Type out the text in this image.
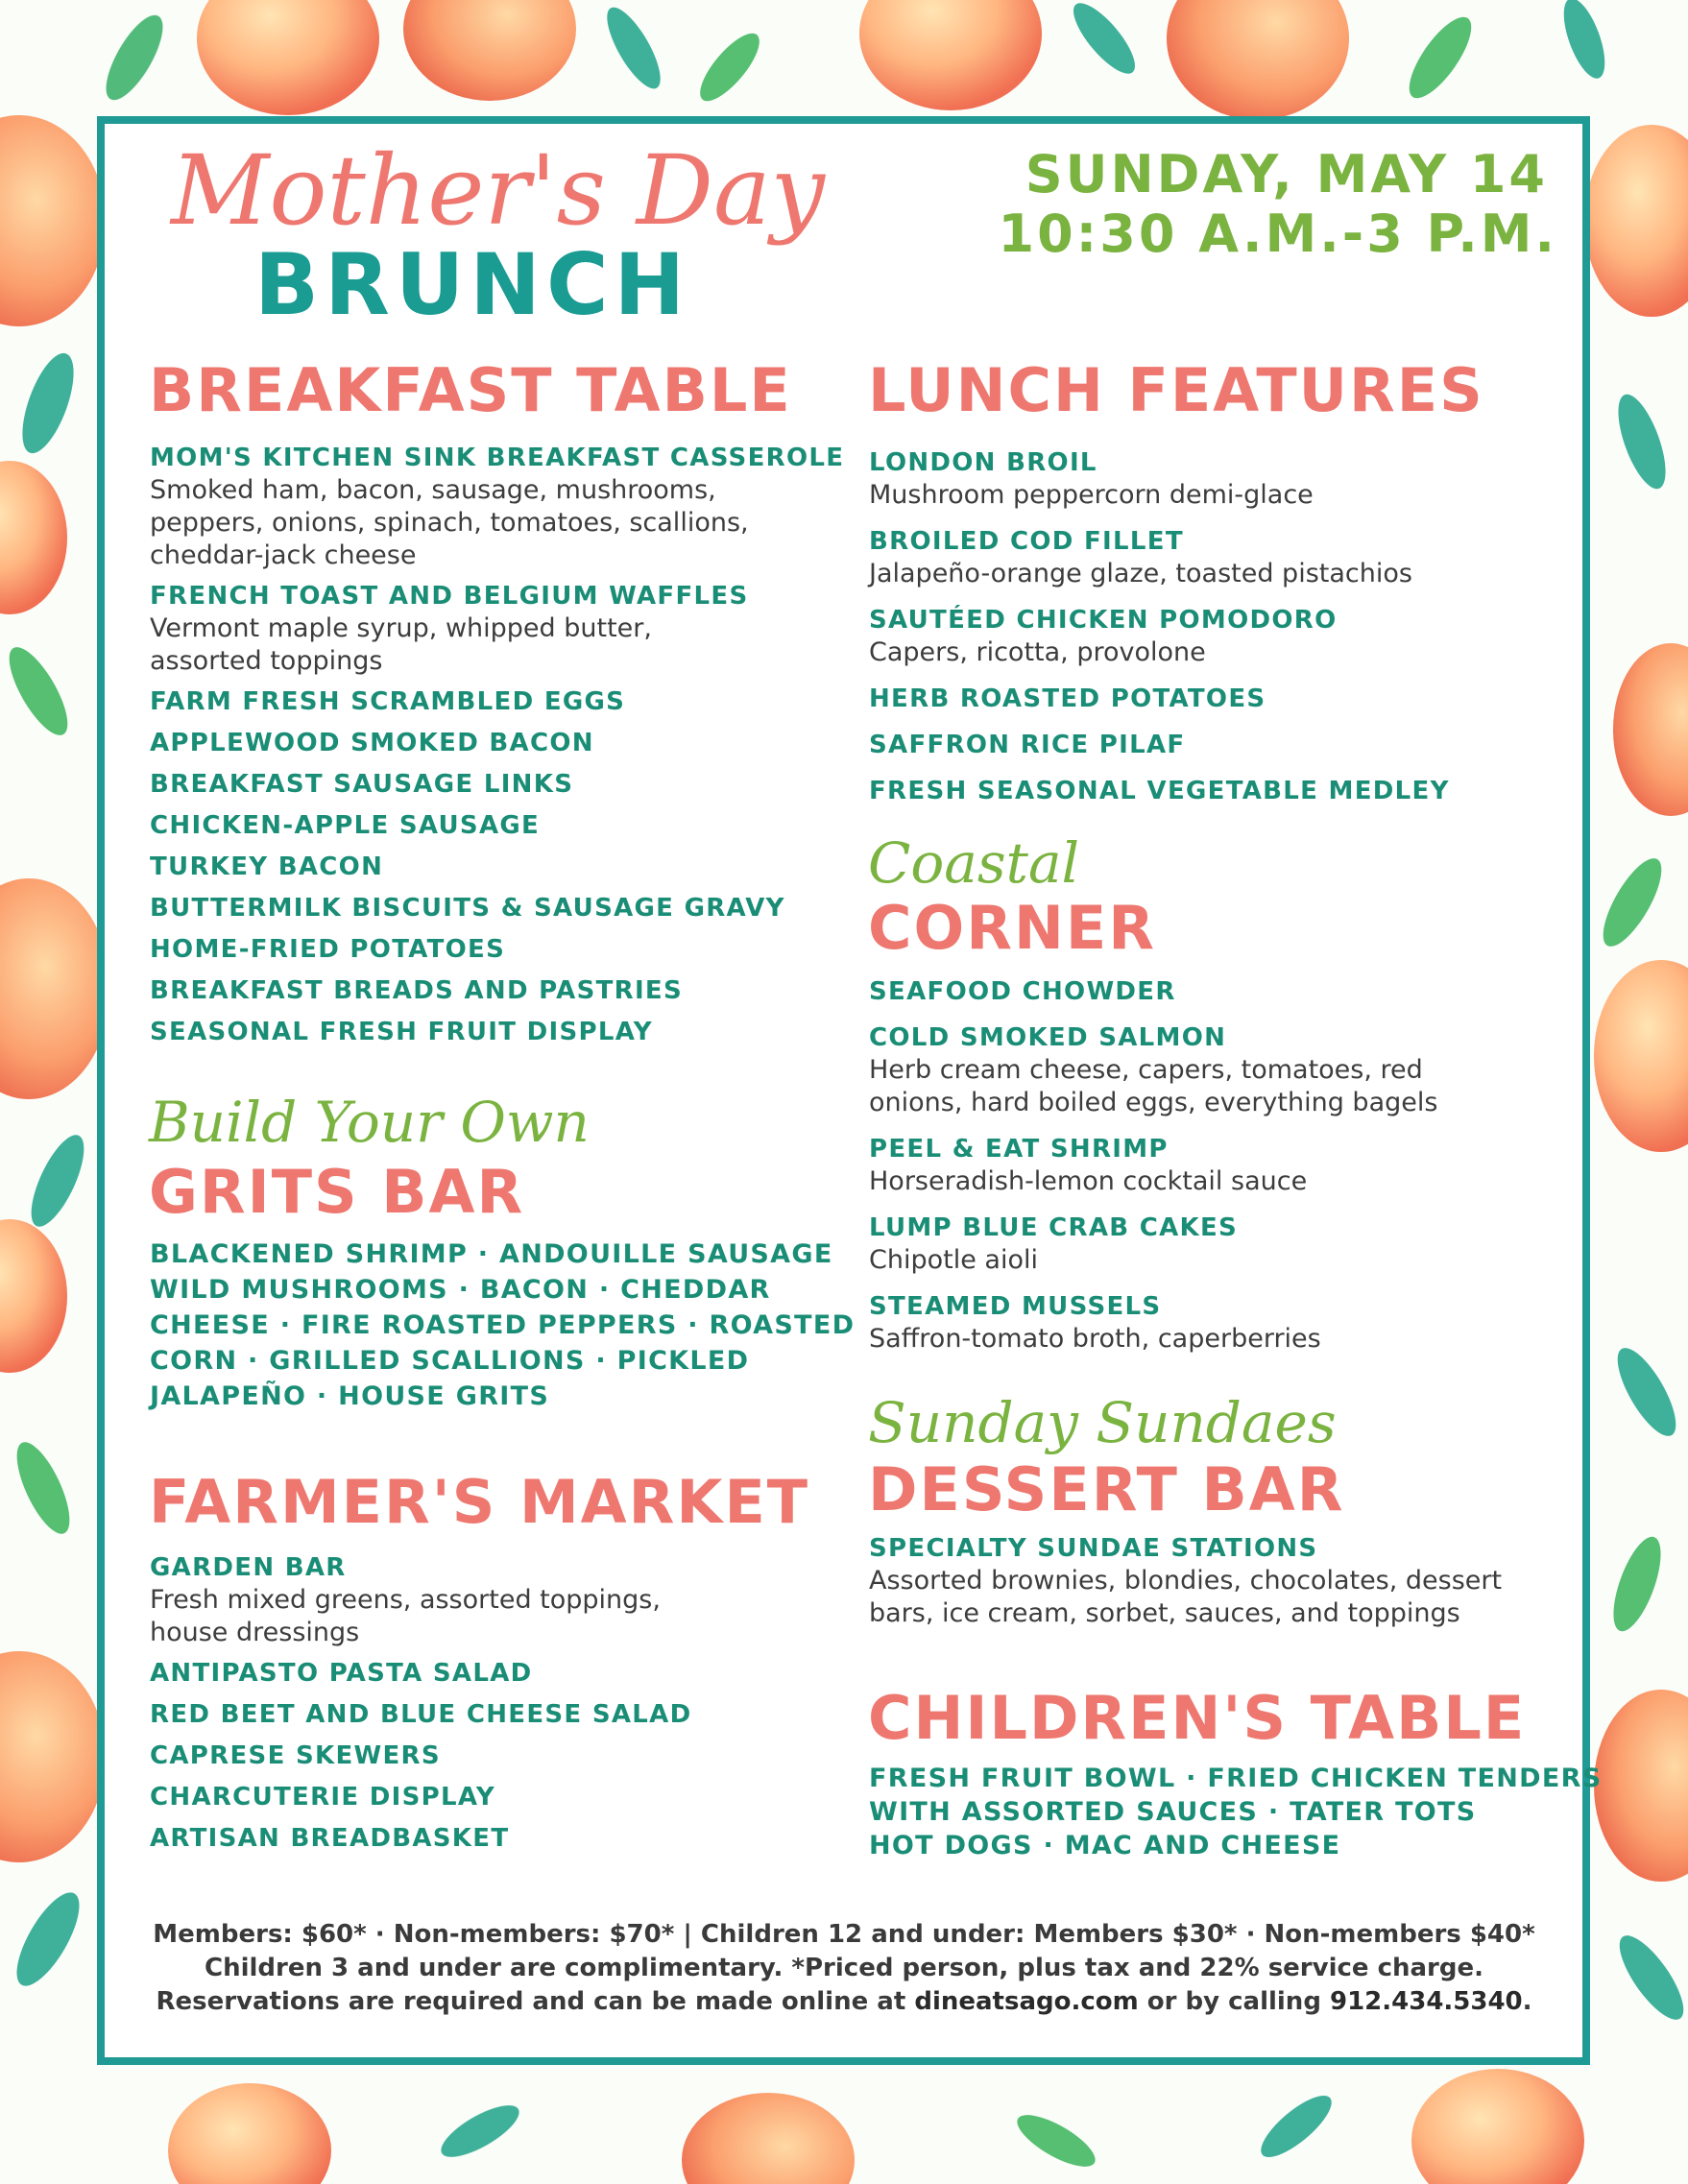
Mother's Day
BRUNCH
SUNDAY, MAY 14
10:30 A.M.-3 P.M.
BREAKFAST TABLE
MOM'S KITCHEN SINK BREAKFAST CASSEROLE
Smoked ham, bacon, sausage, mushrooms,
peppers, onions, spinach, tomatoes, scallions,
cheddar-jack cheese
FRENCH TOAST AND BELGIUM WAFFLES
Vermont maple syrup, whipped butter,
assorted toppings
FARM FRESH SCRAMBLED EGGS
APPLEWOOD SMOKED BACON
BREAKFAST SAUSAGE LINKS
CHICKEN-APPLE SAUSAGE
TURKEY BACON
BUTTERMILK BISCUITS & SAUSAGE GRAVY
HOME-FRIED POTATOES
BREAKFAST BREADS AND PASTRIES
SEASONAL FRESH FRUIT DISPLAY
Build Your Own
GRITS BAR
BLACKENED SHRIMP · ANDOUILLE SAUSAGE
WILD MUSHROOMS · BACON · CHEDDAR
CHEESE · FIRE ROASTED PEPPERS · ROASTED
CORN · GRILLED SCALLIONS · PICKLED
JALAPEÑO · HOUSE GRITS
FARMER'S MARKET
GARDEN BAR
Fresh mixed greens, assorted toppings,
house dressings
ANTIPASTO PASTA SALAD
RED BEET AND BLUE CHEESE SALAD
CAPRESE SKEWERS
CHARCUTERIE DISPLAY
ARTISAN BREADBASKET
LUNCH FEATURES
LONDON BROIL
Mushroom peppercorn demi-glace
BROILED COD FILLET
Jalapeño-orange glaze, toasted pistachios
SAUTÉED CHICKEN POMODORO
Capers, ricotta, provolone
HERB ROASTED POTATOES
SAFFRON RICE PILAF
FRESH SEASONAL VEGETABLE MEDLEY
Coastal
CORNER
SEAFOOD CHOWDER
COLD SMOKED SALMON
Herb cream cheese, capers, tomatoes, red
onions, hard boiled eggs, everything bagels
PEEL & EAT SHRIMP
Horseradish-lemon cocktail sauce
LUMP BLUE CRAB CAKES
Chipotle aioli
STEAMED MUSSELS
Saffron-tomato broth, caperberries
Sunday Sundaes
DESSERT BAR
SPECIALTY SUNDAE STATIONS
Assorted brownies, blondies, chocolates, dessert
bars, ice cream, sorbet, sauces, and toppings
CHILDREN'S TABLE
FRESH FRUIT BOWL · FRIED CHICKEN TENDERS
WITH ASSORTED SAUCES · TATER TOTS
HOT DOGS · MAC AND CHEESE
Members: $60* · Non-members: $70* | Children 12 and under: Members $30* · Non-members $40*
Children 3 and under are complimentary. *Priced person, plus tax and 22% service charge.
Reservations are required and can be made online at dineatsago.com or by calling 912.434.5340.
